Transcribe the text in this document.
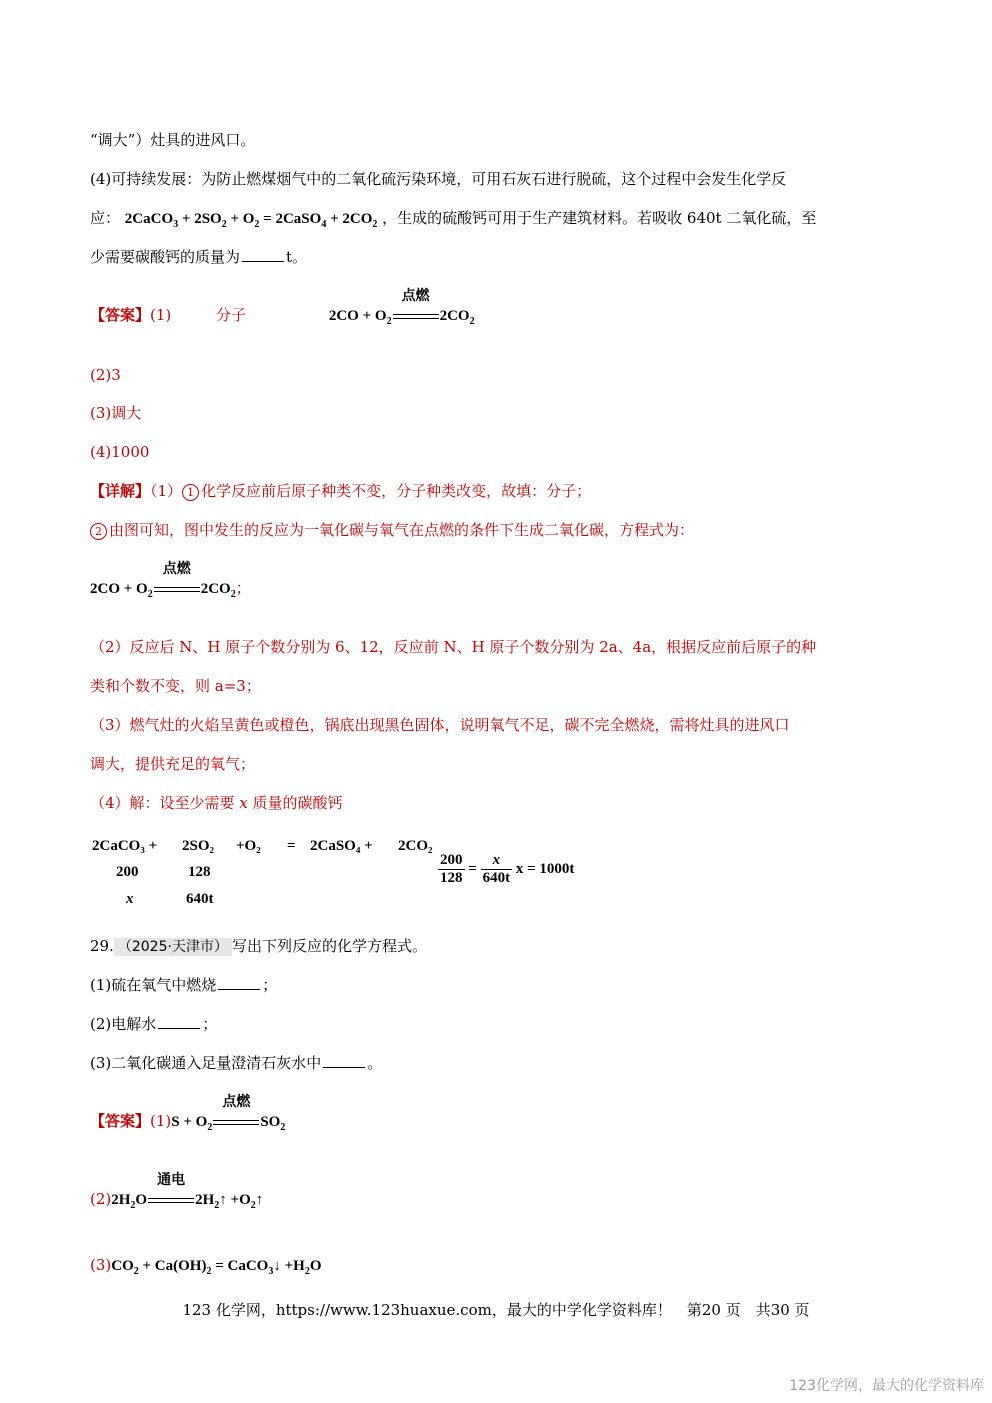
“调大”）灶具的进风口。
(4)可持续发展：为防止燃煤烟气中的二氧化硫污染环境，可用石灰石进行脱硫，这个过程中会发生化学反
应： 2CaCO$_3$ + $2SO_2 + O_2$ = 2CaSO$_4$ + $2CO_2$ ，生成的硫酸钙可用于生产建筑材料。若吸收 640t 二氧化硫，至
少需要碳酸钙的质量为	t。
【答案】(1)	分子	$2CO + O_2$
点燃
$2CO_2$
(2)3
(3)调大
(4)1000
【详解】（1） 1 化学反应前后原子种类不变，分子种类改变，故填：分子；
2 由图可知，图中发生的反应为一氧化碳与氧气在点燃的条件下生成二氧化碳，方程式为：
$2CO + O_2$
点燃
$2CO_2$；
（2）反应后 N、H 原子个数分别为 6、12，反应前 N、H 原子个数分别为 2a、4a，根据反应前后原子的种
类和个数不变，则 a=3；
（3）燃气灶的火焰呈黄色或橙色，锅底出现黑色固体，说明氧气不足，碳不完全燃烧，需将灶具的进风口
调大，提供充足的氧气；
（4）解：设至少需要 x 质量的碳酸钙
2CaCO₃ + 2SO₂ +O₂ = 2CaSO₄ + 2CO₂
200	128
x	640t
$\frac{200}{128} = \frac{x}{640t}$ x = 1000t
29. （2025·天津市） 写出下列反应的化学方程式。
(1)硫在氧气中燃烧	；
(2)电解水	；
(3)二氧化碳通入足量澄清石灰水中	。
【答案】$(1)S + O_2$
点燃
$SO_2$
$(2)2H_2O$
通电
$2H_2↑$ $+O_2↑$
$(3)CO_2 + Ca(OH)_2$ = CaCO$_3$↓ $+H_2O$
123 化学网，https://www.123huaxue.com，最大的中学化学资料库！　第20 页　共30 页
123化学网，最大的化学资料库
